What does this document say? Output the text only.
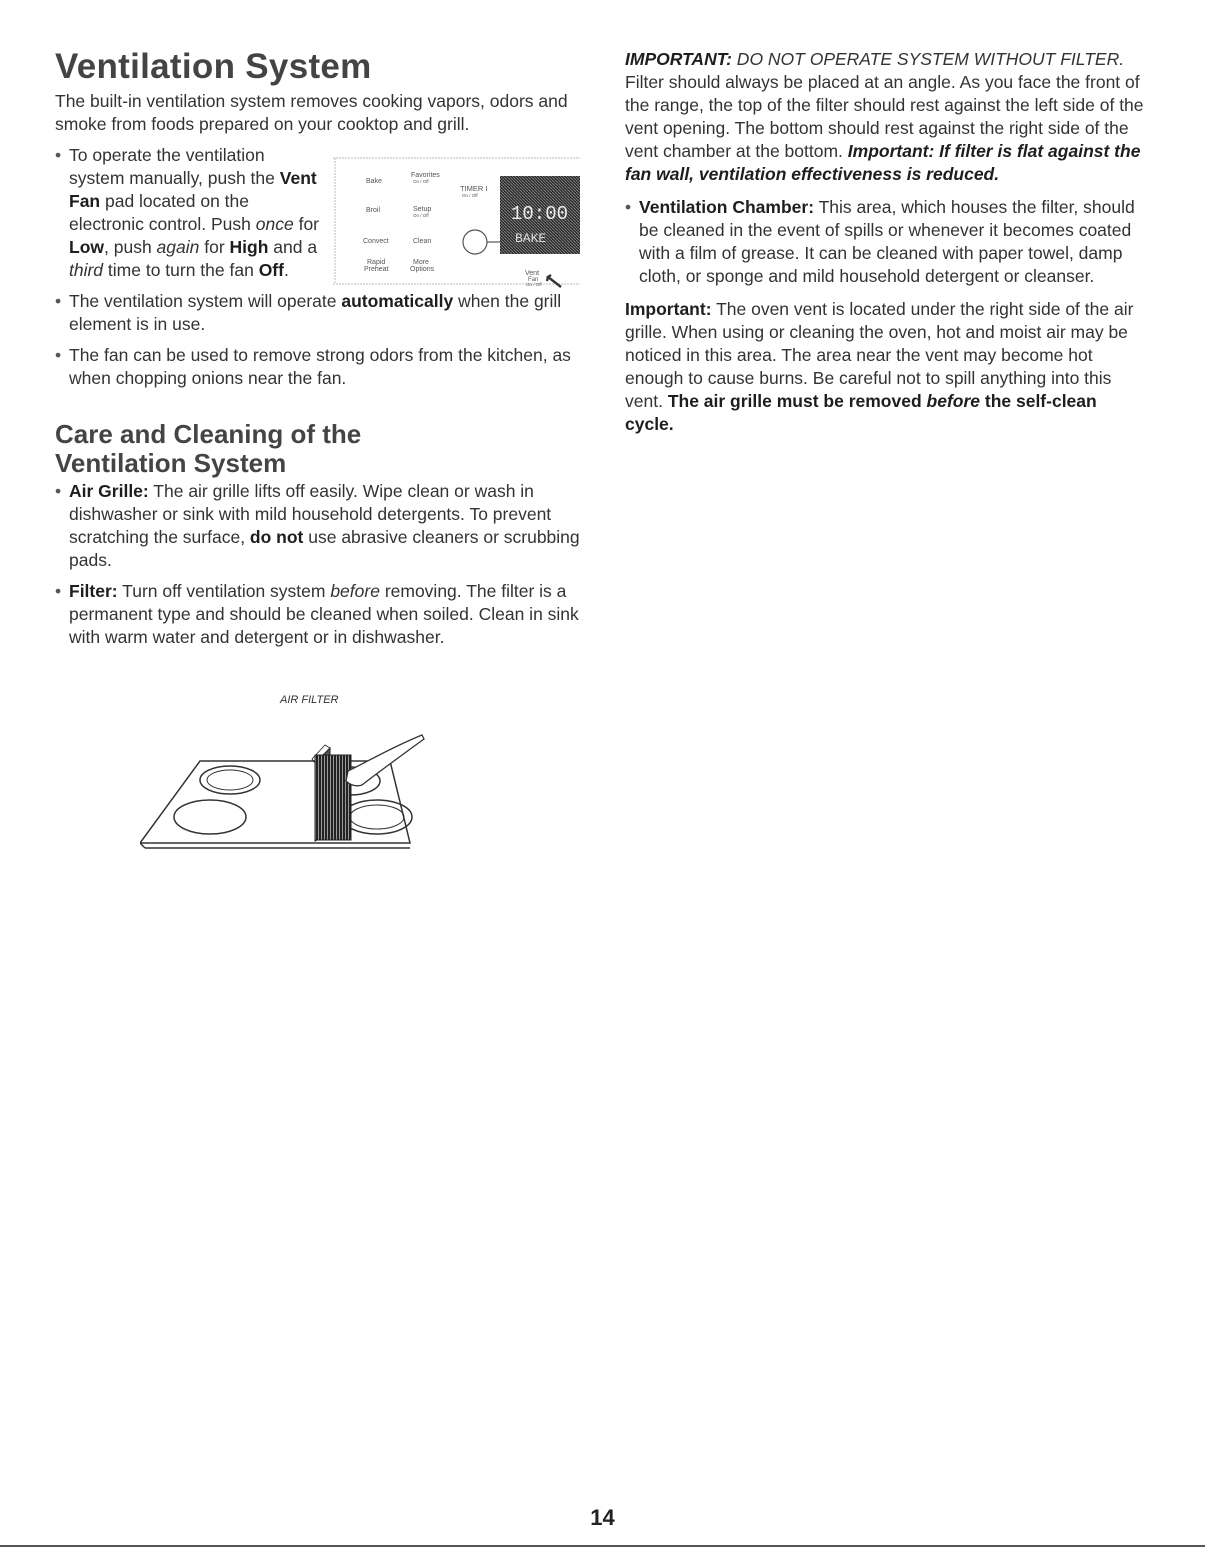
Ventilation System

The built-in ventilation system removes cooking vapors, odors and smoke from foods prepared on your cooktop and grill.

• To operate the ventilation system manually, push the Vent Fan pad located on the electronic control. Push once for Low, push again for High and a third time to turn the fan Off.
• The ventilation system will operate automatically when the grill element is in use.
• The fan can be used to remove strong odors from the kitchen, as when chopping onions near the fan.
Care and Cleaning of the
Ventilation System
• Air Grille: The air grille lifts off easily. Wipe clean or wash in dishwasher or sink with mild household detergents. To prevent scratching the surface, do not use abrasive cleaners or scrubbing pads.
• Filter: Turn off ventilation system before removing. The filter is a permanent type and should be cleaned when soiled. Clean in sink with warm water and detergent or in dishwasher.
Bake
Favorites
On / Off
TIMER I
On / Off
Broil	Setup
On / Off
Convect	Clean
Rapid
Preheat
More
Options
Vent
Fan
On / Off
10:00
BAKE
AIR FILTER

IMPORTANT: DO NOT OPERATE SYSTEM WITHOUT FILTER. Filter should always be placed at an angle. As you face the front of the range, the top of the filter should rest against the left side of the vent opening. The bottom should rest against the right side of the vent chamber at the bottom. Important: If filter is flat against the fan wall, ventilation effectiveness is reduced.

• Ventilation Chamber: This area, which houses the filter, should be cleaned in the event of spills or whenever it becomes coated with a film of grease. It can be cleaned with paper towel, damp cloth, or sponge and mild household detergent or cleanser.

Important: The oven vent is located under the right side of the air grille. When using or cleaning the oven, hot and moist air may be noticed in this area. The area near the vent may become hot enough to cause burns. Be careful not to spill anything into this vent. The air grille must be removed before the self-clean cycle.

14
